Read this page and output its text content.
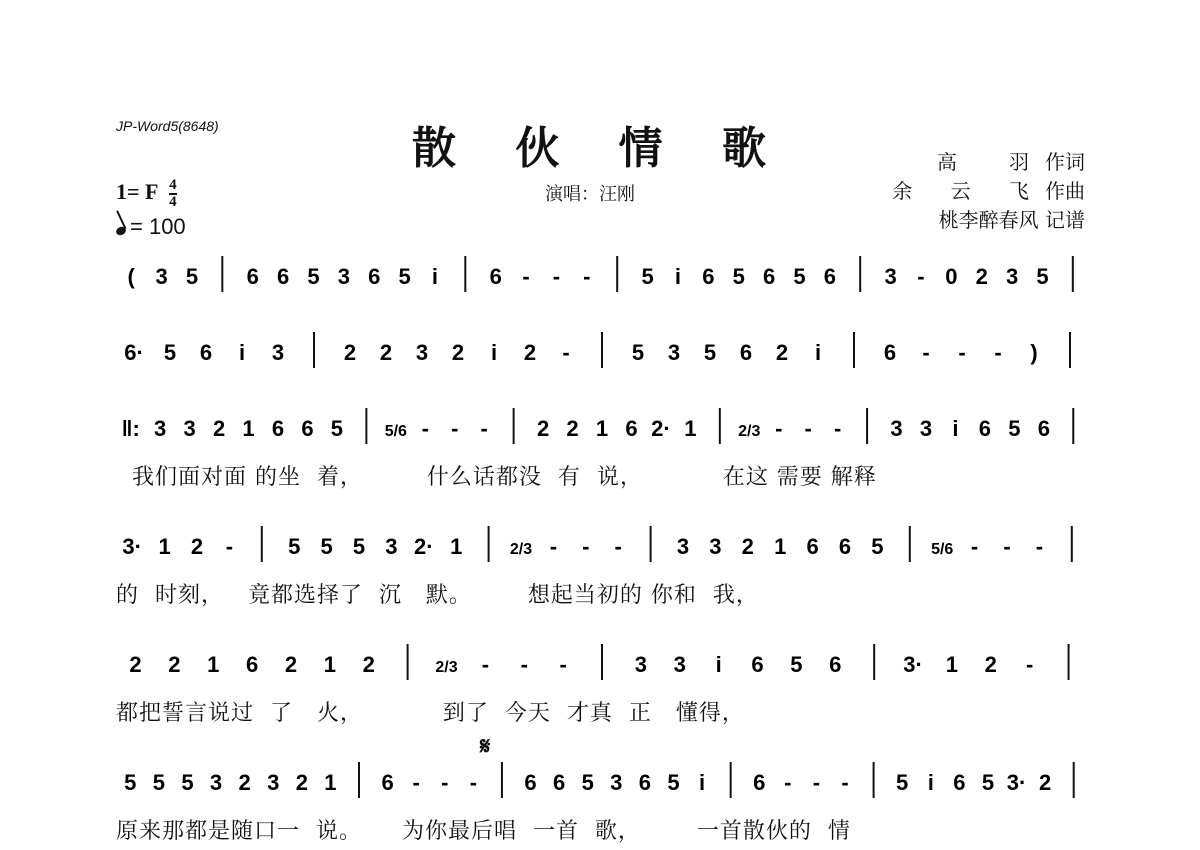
JP-Word5(8648)	散 伙 情 歌
演唱：汪刚
高　羽作词
余 云 飞作曲
桃李醉春风 记谱
1= F $\frac{4}{4}$
= 100
𝄋
( 3 5 6 6 5 3 6 5 i 6 - - - 5 i 6 5 6 5 6 3 - 0 2 3 5
6· 5 6 i 3	2 2 3 2 i 2 -	5 3 5 6 2 i	6 - - - )
‖: 3 3 2 1 6 6 5	5/6 - - - 2 2 1 6 2· 1	2/3 - - - 3 3 i 6 5 6
我们面对面 的坐  着，        什么话都没  有  说，          在这 需要 解释
3· 1 2 -	5 5 5 3 2· 1	2/3 - - -	3 3 2 1 6 6 5	5/6 - - -
的  时刻，   竟都选择了  沉   默。       想起当初的 你和  我，
2 2 1 6 2 1 2	2/3 - - -	3 3 i 6 5 6	3· 1 2 -
都把誓言说过  了   火，          到了  今天  才真  正   懂得，
5 5 5 3 2 3 2 1 6 - - - 6 6 5 3 6 5 i 6 - - - 5 i 6 5 3· 2
原来那都是随口一  说。     为你最后唱  一首  歌，       一首散伙的  情
